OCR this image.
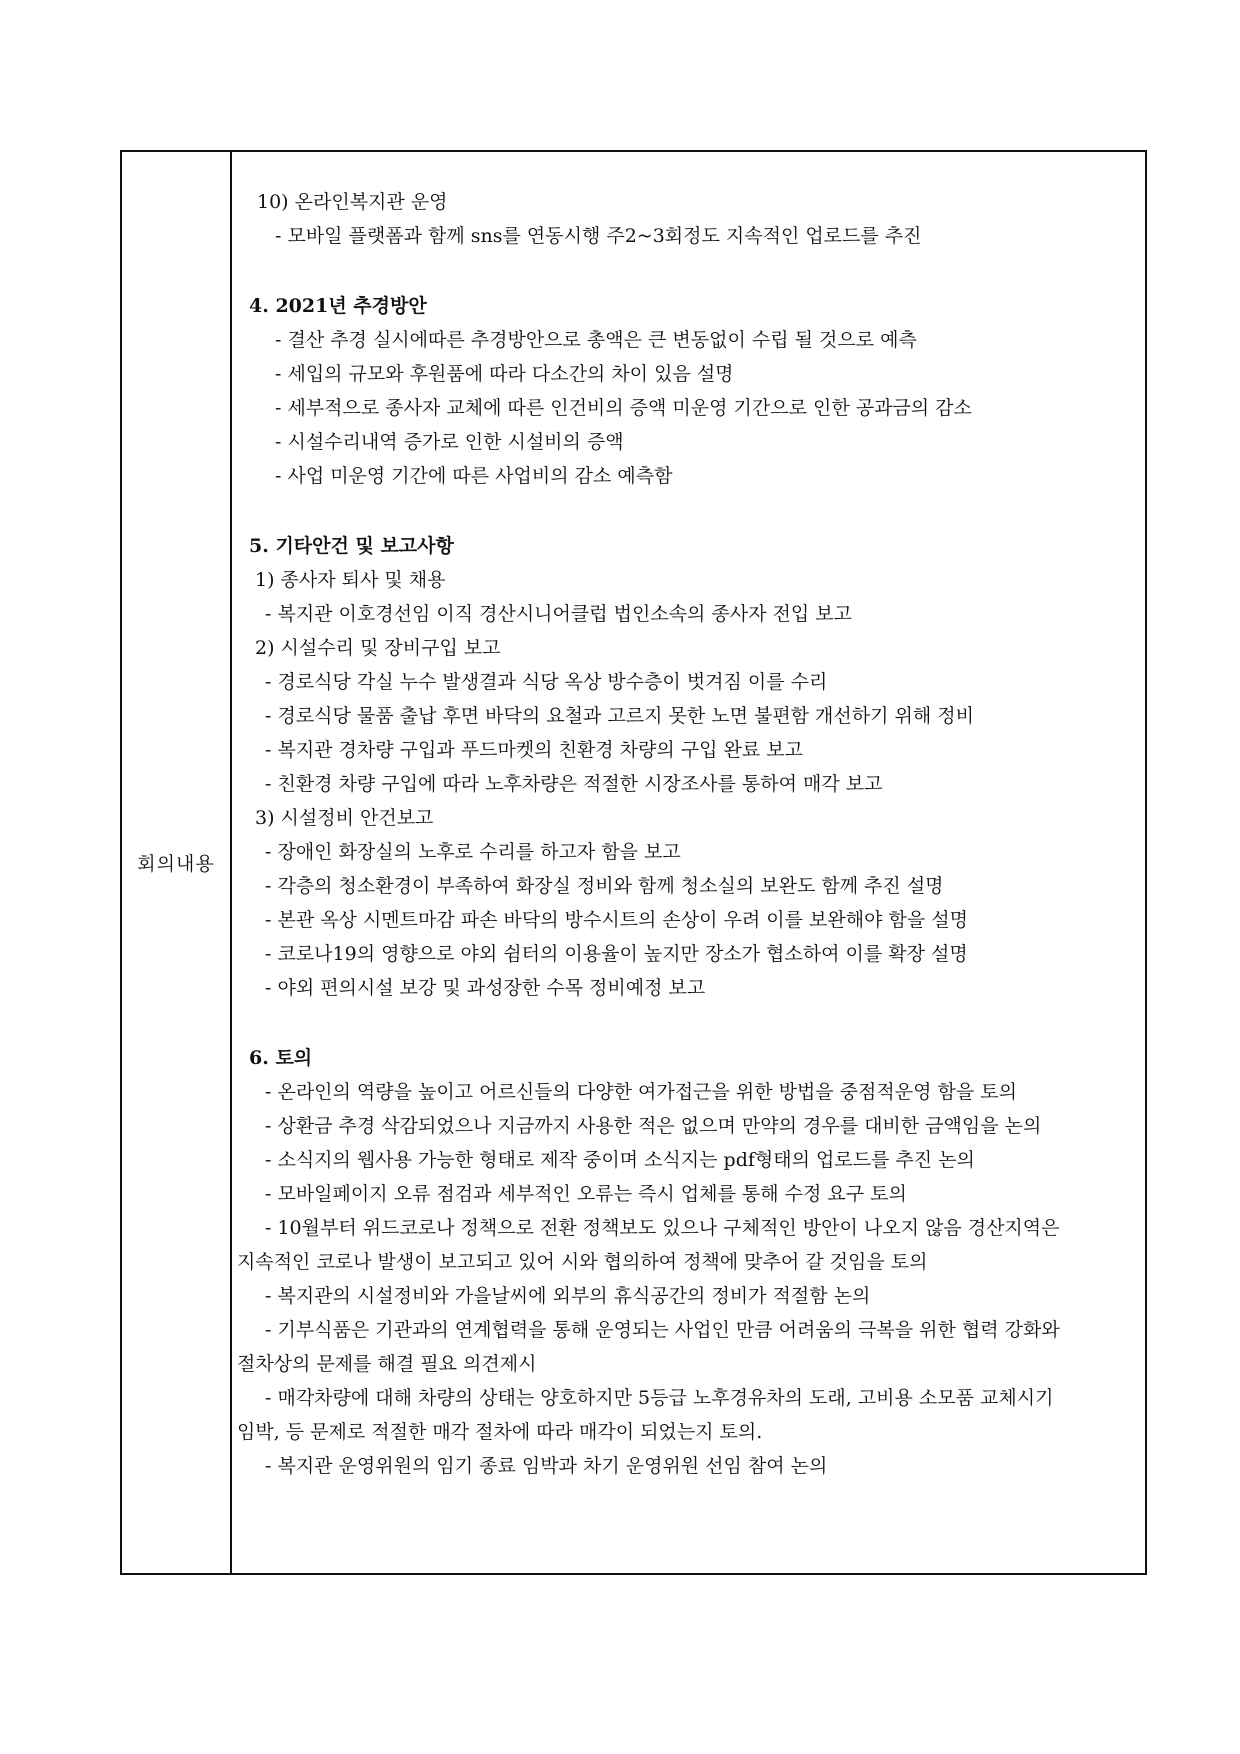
회의내용
10) 온라인복지관 운영
- 모바일 플랫폼과 함께 sns를 연동시행 주2~3회정도 지속적인 업로드를 추진
4. 2021년 추경방안
- 결산 추경 실시에따른 추경방안으로 총액은 큰 변동없이 수립 될 것으로 예측
- 세입의 규모와 후원품에 따라 다소간의 차이 있음 설명
- 세부적으로 종사자 교체에 따른 인건비의 증액 미운영 기간으로 인한 공과금의 감소
- 시설수리내역 증가로 인한 시설비의 증액
- 사업 미운영 기간에 따른 사업비의 감소 예측함
5. 기타안건 및 보고사항
1) 종사자 퇴사 및 채용
- 복지관 이호경선임 이직 경산시니어클럽 법인소속의 종사자 전입 보고
2) 시설수리 및 장비구입 보고
- 경로식당 각실 누수 발생결과 식당 옥상 방수층이 벗겨짐 이를 수리
- 경로식당 물품 출납 후면 바닥의 요철과 고르지 못한 노면 불편함 개선하기 위해 정비
- 복지관 경차량 구입과 푸드마켓의 친환경 차량의 구입 완료 보고
- 친환경 차량 구입에 따라 노후차량은 적절한 시장조사를 통하여 매각 보고
3) 시설정비 안건보고
- 장애인 화장실의 노후로 수리를 하고자 함을 보고
- 각층의 청소환경이 부족하여 화장실 정비와 함께 청소실의 보완도 함께 추진 설명
- 본관 옥상 시멘트마감 파손 바닥의 방수시트의 손상이 우려 이를 보완해야 함을 설명
- 코로나19의 영향으로 야외 쉼터의 이용율이 높지만 장소가 협소하여 이를 확장 설명
- 야외 편의시설 보강 및 과성장한 수목 정비예정 보고
6. 토의
- 온라인의 역량을 높이고 어르신들의 다양한 여가접근을 위한 방법을 중점적운영 함을 토의
- 상환금 추경 삭감되었으나 지금까지 사용한 적은 없으며 만약의 경우를 대비한 금액임을 논의
- 소식지의 웹사용 가능한 형태로 제작 중이며 소식지는 pdf형태의 업로드를 추진 논의
- 모바일페이지 오류 점검과 세부적인 오류는 즉시 업체를 통해 수정 요구 토의
- 10월부터 위드코로나 정책으로 전환 정책보도 있으나 구체적인 방안이 나오지 않음 경산지역은
지속적인 코로나 발생이 보고되고 있어 시와 협의하여 정책에 맞추어 갈 것임을 토의
- 복지관의 시설정비와 가을날씨에 외부의 휴식공간의 정비가 적절함 논의
- 기부식품은 기관과의 연계협력을 통해 운영되는 사업인 만큼 어려움의 극복을 위한 협력 강화와
절차상의 문제를 해결 필요 의견제시
- 매각차량에 대해 차량의 상태는 양호하지만 5등급 노후경유차의 도래, 고비용 소모품 교체시기
임박, 등 문제로 적절한 매각 절차에 따라 매각이 되었는지 토의.
- 복지관 운영위원의 임기 종료 임박과 차기 운영위원 선임 참여 논의
